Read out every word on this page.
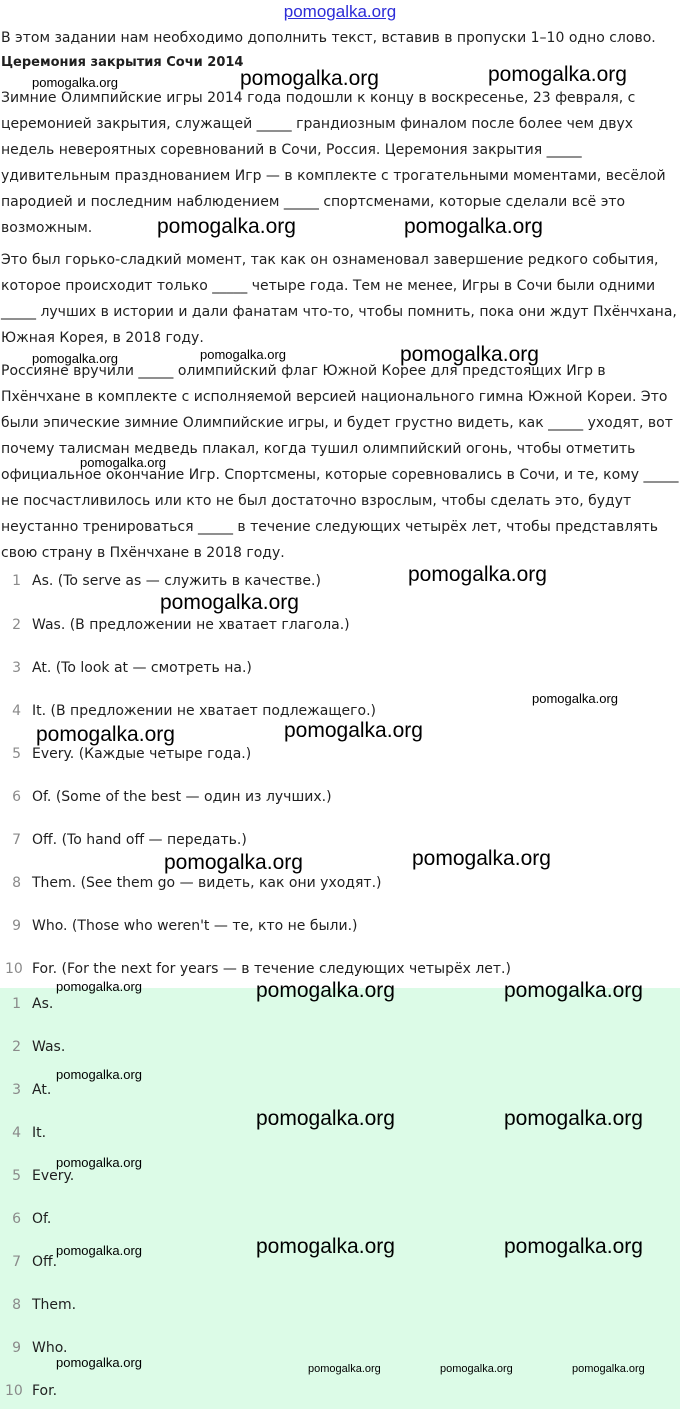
pomogalka.org
В этом задании нам необходимо дополнить текст, вставив в пропуски 1–10 одно слово.
Церемония закрытия Сочи 2014
Зимние Олимпийские игры 2014 года подошли к концу в воскресенье, 23 февраля, с церемонией закрытия, служащей _____ грандиозным финалом после более чем двух недель невероятных соревнований в Сочи, Россия. Церемония закрытия _____ удивительным празднованием Игр — в комплекте с трогательными моментами, весёлой пародией и последним наблюдением _____ спортсменами, которые сделали всё это возможным.
Это был горько-сладкий момент, так как он ознаменовал завершение редкого события, которое происходит только _____ четыре года. Тем не менее, Игры в Сочи были одними _____ лучших в истории и дали фанатам что-то, чтобы помнить, пока они ждут Пхёнчхана, Южная Корея, в 2018 году.
Россияне вручили _____ олимпийский флаг Южной Корее для предстоящих Игр в Пхёнчхане в комплекте с исполняемой версией национального гимна Южной Кореи. Это были эпические зимние Олимпийские игры, и будет грустно видеть, как _____ уходят, вот почему талисман медведь плакал, когда тушил олимпийский огонь, чтобы отметить официальное окончание Игр. Спортсмены, которые соревновались в Сочи, и те, кому _____ не посчастливилось или кто не был достаточно взрослым, чтобы сделать это, будут неустанно тренироваться _____ в течение следующих четырёх лет, чтобы представлять свою страну в Пхёнчхане в 2018 году.
1 As. (To serve as — служить в качестве.)
2 Was. (В предложении не хватает глагола.)
3 At. (To look at — смотреть на.)
4 It. (В предложении не хватает подлежащего.)
5 Every. (Каждые четыре года.)
6 Of. (Some of the best — один из лучших.)
7 Off. (To hand off — передать.)
8 Them. (See them go — видеть, как они уходят.)
9 Who. (Those who weren't — те, кто не были.)
10 For. (For the next for years — в течение следующих четырёх лет.)
1 As.
2 Was.
3 At.
4 It.
5 Every.
6 Of.
7 Off.
8 Them.
9 Who.
10 For.
pomogalka.org	pomogalka.org	pomogalka.org
pomogalka.org	pomogalka.org
pomogalka.org	pomogalka.org	pomogalka.org
pomogalka.org
pomogalka.org
pomogalka.org
pomogalka.org
pomogalka.org	pomogalka.org
pomogalka.org	pomogalka.org
pomogalka.org	pomogalka.org	pomogalka.org
pomogalka.org
pomogalka.org	pomogalka.org
pomogalka.org
pomogalka.org	pomogalka.org	pomogalka.org
pomogalka.org	pomogalka.org	pomogalka.org	pomogalka.org
